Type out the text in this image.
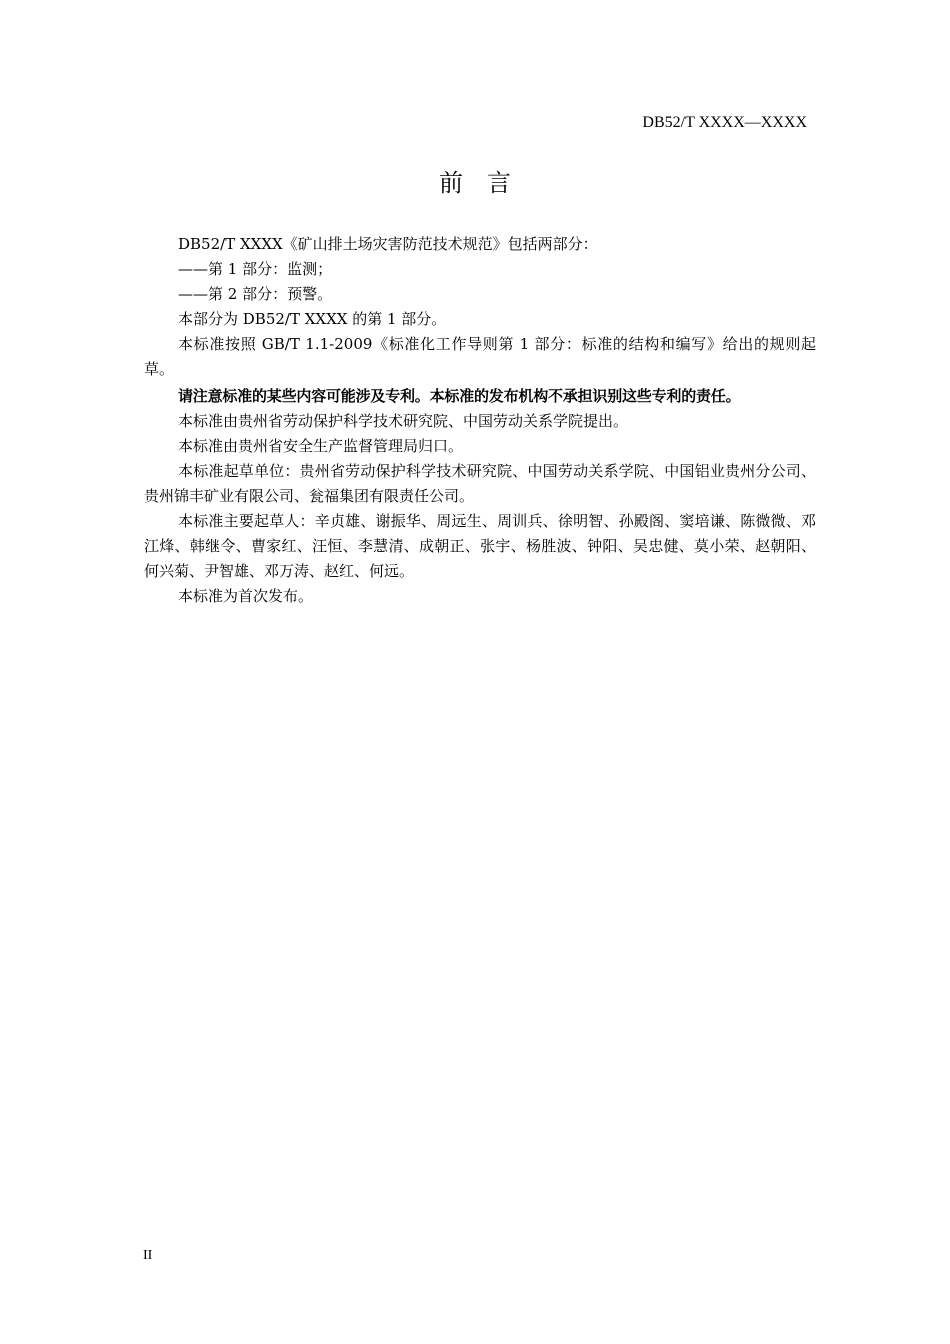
DB52/T XXXX—XXXX
前言

DB52/T XXXX《矿山排土场灾害防范技术规范》包括两部分：

——第 1 部分：监测；

——第 2 部分：预警。

本部分为 DB52/T XXXX 的第 1 部分。

本标准按照 GB/T 1.1-2009《标准化工作导则第 1 部分：标准的结构和编写》给出的规则起草。

请注意标准的某些内容可能涉及专利。本标准的发布机构不承担识别这些专利的责任。

本标准由贵州省劳动保护科学技术研究院、中国劳动关系学院提出。

本标准由贵州省安全生产监督管理局归口。

本标准起草单位：贵州省劳动保护科学技术研究院、中国劳动关系学院、中国铝业贵州分公司、贵州锦丰矿业有限公司、瓮福集团有限责任公司。

本标准主要起草人：辛贞雄、谢振华、周远生、周训兵、徐明智、孙殿阁、窦培谦、陈微微、邓江烽、韩继令、曹家红、汪恒、李慧清、成朝正、张宇、杨胜波、钟阳、吴忠健、莫小荣、赵朝阳、何兴菊、尹智雄、邓万涛、赵红、何远。

本标准为首次发布。

II
